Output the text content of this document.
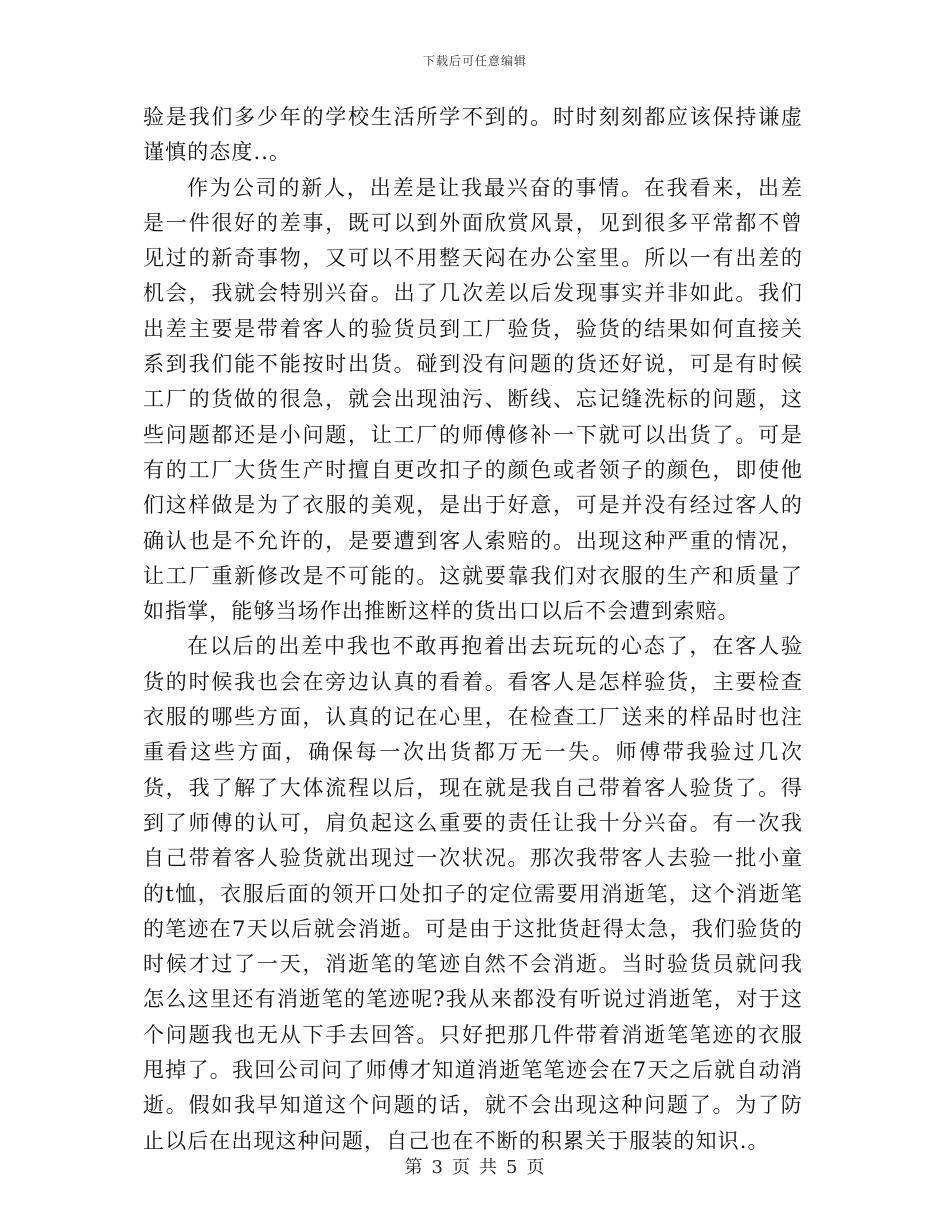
下载后可任意编辑

验是我们多少年的学校生活所学不到的。时时刻刻都应该保持谦虚谨慎的态度..。

作为公司的新人，出差是让我最兴奋的事情。在我看来，出差是一件很好的差事，既可以到外面欣赏风景，见到很多平常都不曾见过的新奇事物，又可以不用整天闷在办公室里。所以一有出差的机会，我就会特别兴奋。出了几次差以后发现事实并非如此。我们出差主要是带着客人的验货员到工厂验货，验货的结果如何直接关系到我们能不能按时出货。碰到没有问题的货还好说，可是有时候工厂的货做的很急，就会出现油污、断线、忘记缝洗标的问题，这些问题都还是小问题，让工厂的师傅修补一下就可以出货了。可是有的工厂大货生产时擅自更改扣子的颜色或者领子的颜色，即使他们这样做是为了衣服的美观，是出于好意，可是并没有经过客人的确认也是不允许的，是要遭到客人索赔的。出现这种严重的情况，让工厂重新修改是不可能的。这就要靠我们对衣服的生产和质量了如指掌，能够当场作出推断这样的货出口以后不会遭到索赔。

在以后的出差中我也不敢再抱着出去玩玩的心态了，在客人验货的时候我也会在旁边认真的看着。看客人是怎样验货，主要检查衣服的哪些方面，认真的记在心里，在检查工厂送来的样品时也注重看这些方面，确保每一次出货都万无一失。师傅带我验过几次货，我了解了大体流程以后，现在就是我自己带着客人验货了。得到了师傅的认可，肩负起这么重要的责任让我十分兴奋。有一次我自己带着客人验货就出现过一次状况。那次我带客人去验一批小童的t恤，衣服后面的领开口处扣子的定位需要用消逝笔，这个消逝笔的笔迹在7天以后就会消逝。可是由于这批货赶得太急，我们验货的时候才过了一天，消逝笔的笔迹自然不会消逝。当时验货员就问我怎么这里还有消逝笔的笔迹呢?我从来都没有听说过消逝笔，对于这个问题我也无从下手去回答。只好把那几件带着消逝笔笔迹的衣服甩掉了。我回公司问了师傅才知道消逝笔笔迹会在7天之后就自动消逝。假如我早知道这个问题的话，就不会出现这种问题了。为了防止以后在出现这种问题，自己也在不断的积累关于服装的知识.。

第 3 页 共 5 页
